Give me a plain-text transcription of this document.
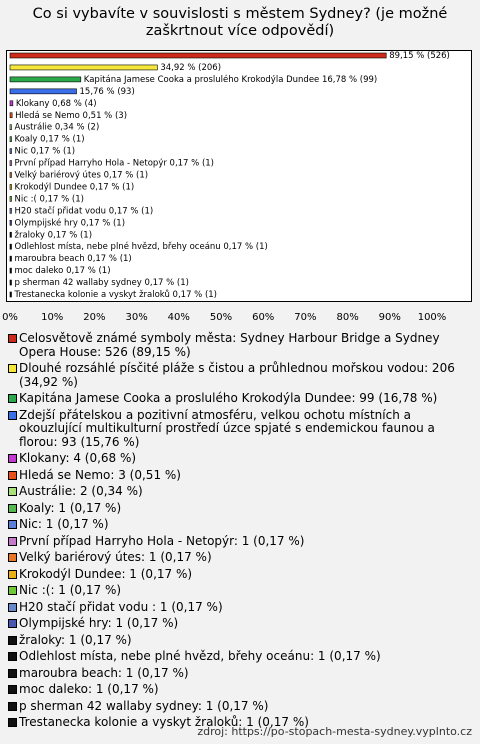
Co si vybavíte v souvislosti s městem Sydney? (je možné zaškrtnout více odpovědí)
89,15 % (526)
34,92 % (206)
Kapitána Jamese Cooka a proslulého Krokodýla Dundee 16,78 % (99)
15,76 % (93)
Klokany 0,68 % (4)
Hledá se Nemo 0,51 % (3)
Austrálie 0,34 % (2)
Koaly 0,17 % (1)
Nic 0,17 % (1)
První případ Harryho Hola - Netopýr 0,17 % (1)
Velký bariérový útes 0,17 % (1)
Krokodýl Dundee 0,17 % (1)
Nic :( 0,17 % (1)
H20 stačí přidat vodu 0,17 % (1)
Olympijské hry 0,17 % (1)
žraloky 0,17 % (1)
Odlehlost místa, nebe plné hvězd, břehy oceánu 0,17 % (1)
maroubra beach 0,17 % (1)
moc daleko 0,17 % (1)
p sherman 42 wallaby sydney 0,17 % (1)
Trestanecka kolonie a vyskyt žraloků 0,17 % (1)
0% 10% 20% 30% 40% 50% 60% 70% 80% 90% 100%
Celosvětově známé symboly města: Sydney Harbour Bridge a Sydney Opera House: 526 (89,15 %)
Dlouhé rozsáhlé písčité pláže s čistou a průhlednou mořskou vodou: 206 (34,92 %)
Kapitána Jamese Cooka a proslulého Krokodýla Dundee: 99 (16,78 %)
Zdejší přátelskou a pozitivní atmosféru, velkou ochotu místních a okouzlující multikulturní prostředí úzce spjaté s endemickou faunou a florou: 93 (15,76 %)
Klokany: 4 (0,68 %)
Hledá se Nemo: 3 (0,51 %)
Austrálie: 2 (0,34 %)
Koaly: 1 (0,17 %)
Nic: 1 (0,17 %)
První případ Harryho Hola - Netopýr: 1 (0,17 %)
Velký bariérový útes: 1 (0,17 %)
Krokodýl Dundee: 1 (0,17 %)
Nic :(: 1 (0,17 %)
H20 stačí přidat vodu : 1 (0,17 %)
Olympijské hry: 1 (0,17 %)
žraloky: 1 (0,17 %)
Odlehlost místa, nebe plné hvězd, břehy oceánu: 1 (0,17 %)
maroubra beach: 1 (0,17 %)
moc daleko: 1 (0,17 %)
p sherman 42 wallaby sydney: 1 (0,17 %)
Trestanecka kolonie a vyskyt žraloků: 1 (0,17 %)
zdroj: https://po-stopach-mesta-sydney.vyplnto.cz
